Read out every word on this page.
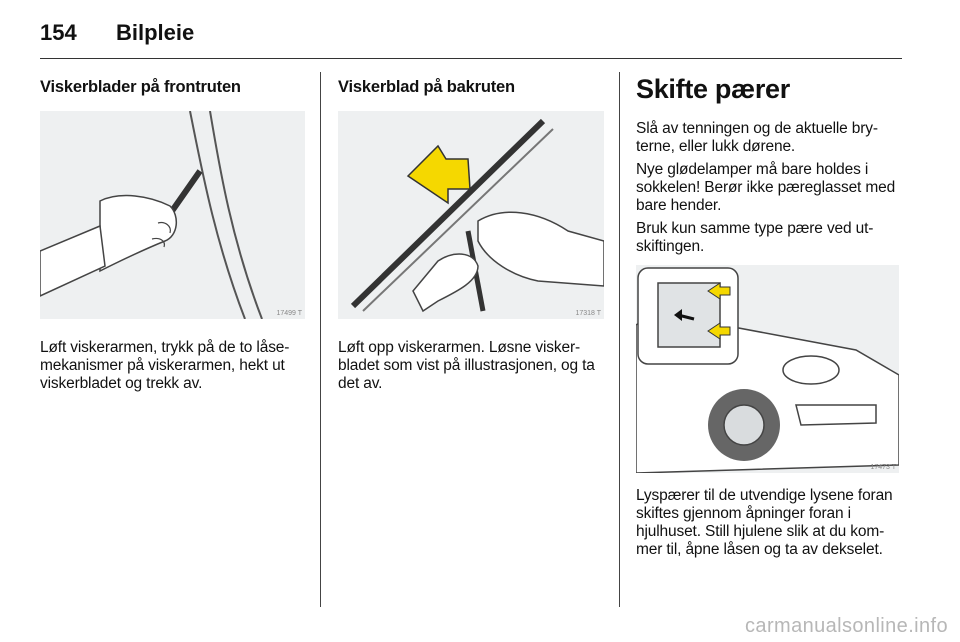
154 Bilpleie
Viskerblader på frontruten
17499 T

Løft viskerarmen, trykk på de to låse-mekanismer på viskerarmen, hekt ut viskerbladet og trekk av.

Viskerblad på bakruten
17318 T

Løft opp viskerarmen. Løsne visker-bladet som vist på illustrasjonen, og ta det av.

Skifte pærer

Slå av tenningen og de aktuelle bry-terne, eller lukk dørene.

Nye glødelamper må bare holdes i sokkelen! Berør ikke pæreglasset med bare hender.

Bruk kun samme type pære ved ut-skiftingen.

17473 T

Lyspærer til de utvendige lysene foran skiftes gjennom åpninger foran i hjulhuset. Still hjulene slik at du kom-mer til, åpne låsen og ta av dekselet.

carmanualsonline.info
